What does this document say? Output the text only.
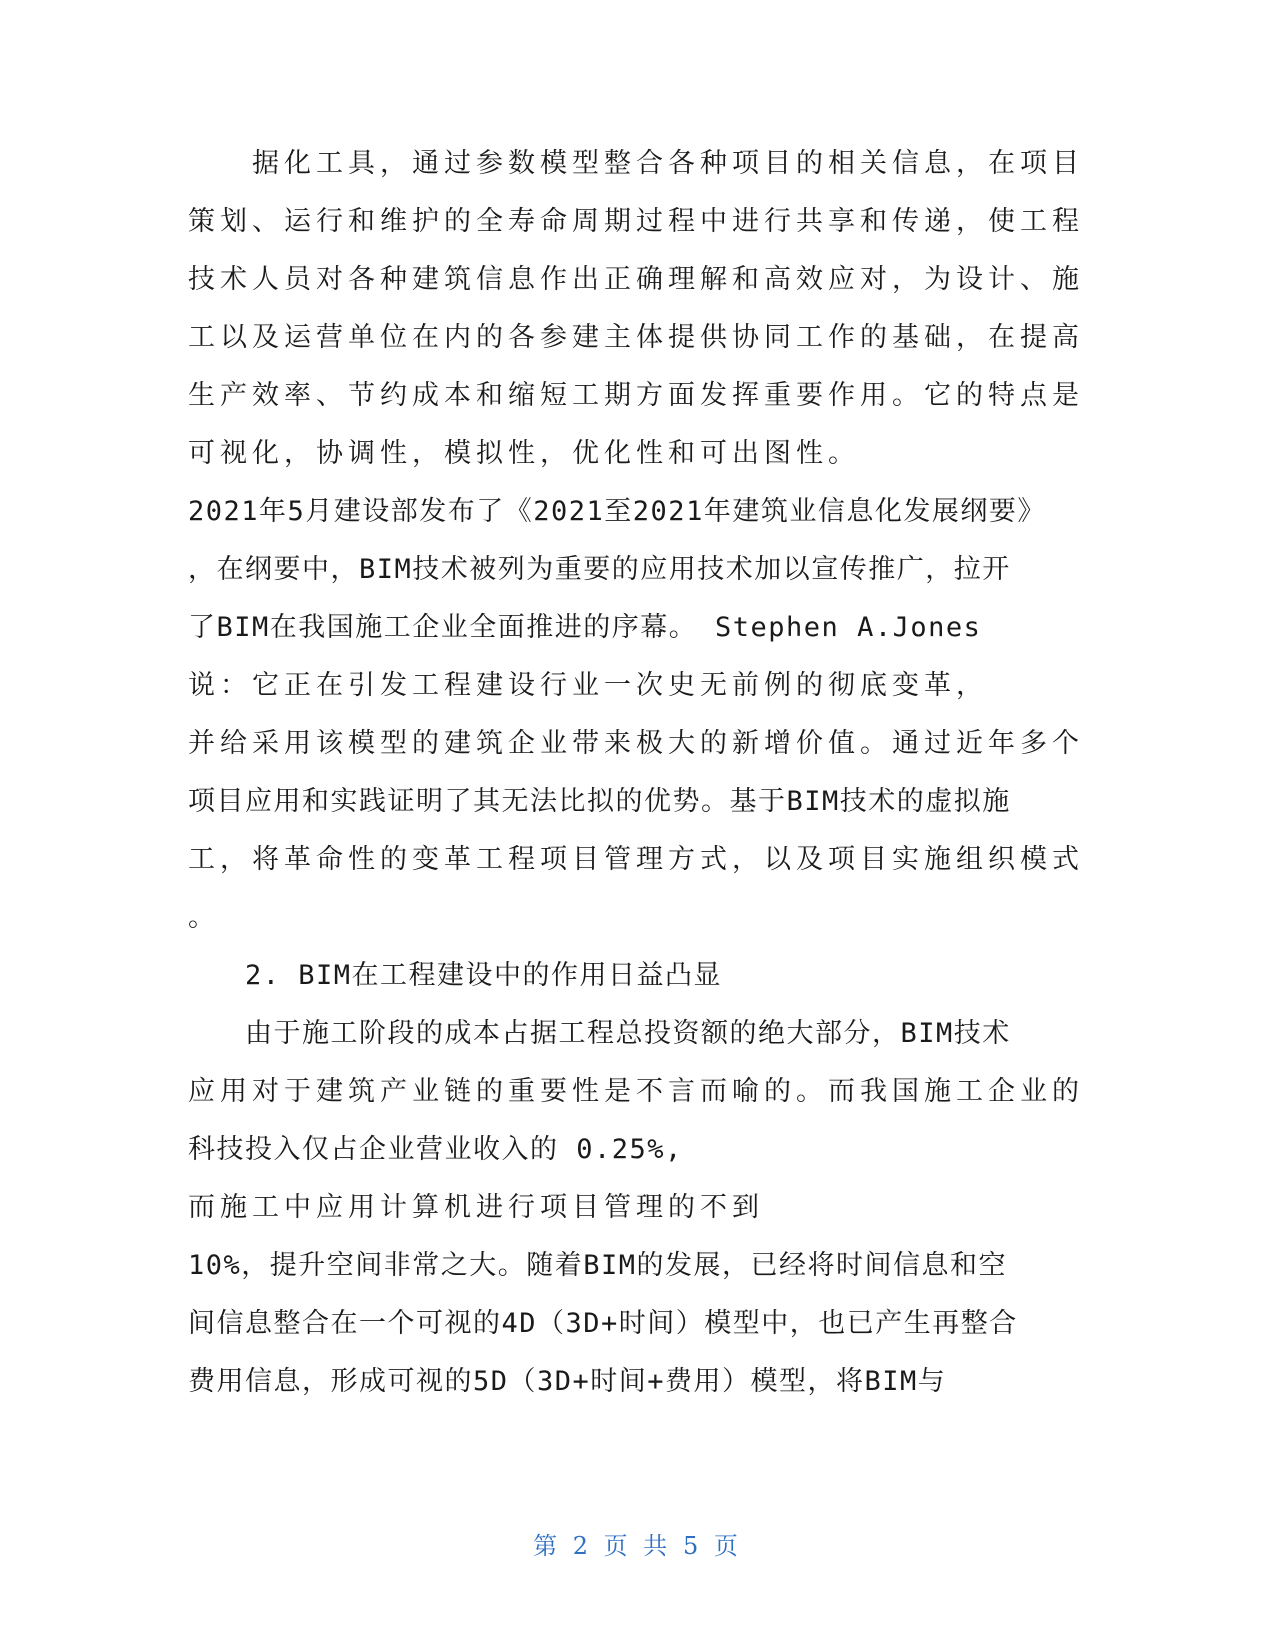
　　据化工具，通过参数模型整合各种项目的相关信息，在项目
策划、运行和维护的全寿命周期过程中进行共享和传递，使工程
技术人员对各种建筑信息作出正确理解和高效应对，为设计、施
工以及运营单位在内的各参建主体提供协同工作的基础，在提高
生产效率、节约成本和缩短工期方面发挥重要作用。它的特点是
可视化，协调性，模拟性，优化性和可出图性。
2021年5月建设部发布了《2021至2021年建筑业信息化发展纲要》
，在纲要中，BIM技术被列为重要的应用技术加以宣传推广，拉开
了BIM在我国施工企业全面推进的序幕。 Stephen A.Jones
说：它正在引发工程建设行业一次史无前例的彻底变革，
并给采用该模型的建筑企业带来极大的新增价值。通过近年多个
项目应用和实践证明了其无法比拟的优势。基于BIM技术的虚拟施
工，将革命性的变革工程项目管理方式，以及项目实施组织模式
。
　　2. BIM在工程建设中的作用日益凸显
　　由于施工阶段的成本占据工程总投资额的绝大部分，BIM技术
应用对于建筑产业链的重要性是不言而喻的。而我国施工企业的
科技投入仅占企业营业收入的 0.25%,
而施工中应用计算机进行项目管理的不到
10%，提升空间非常之大。随着BIM的发展，已经将时间信息和空
间信息整合在一个可视的4D（3D+时间）模型中，也已产生再整合
费用信息，形成可视的5D（3D+时间+费用）模型，将BIM与
第 2 页 共 5 页
